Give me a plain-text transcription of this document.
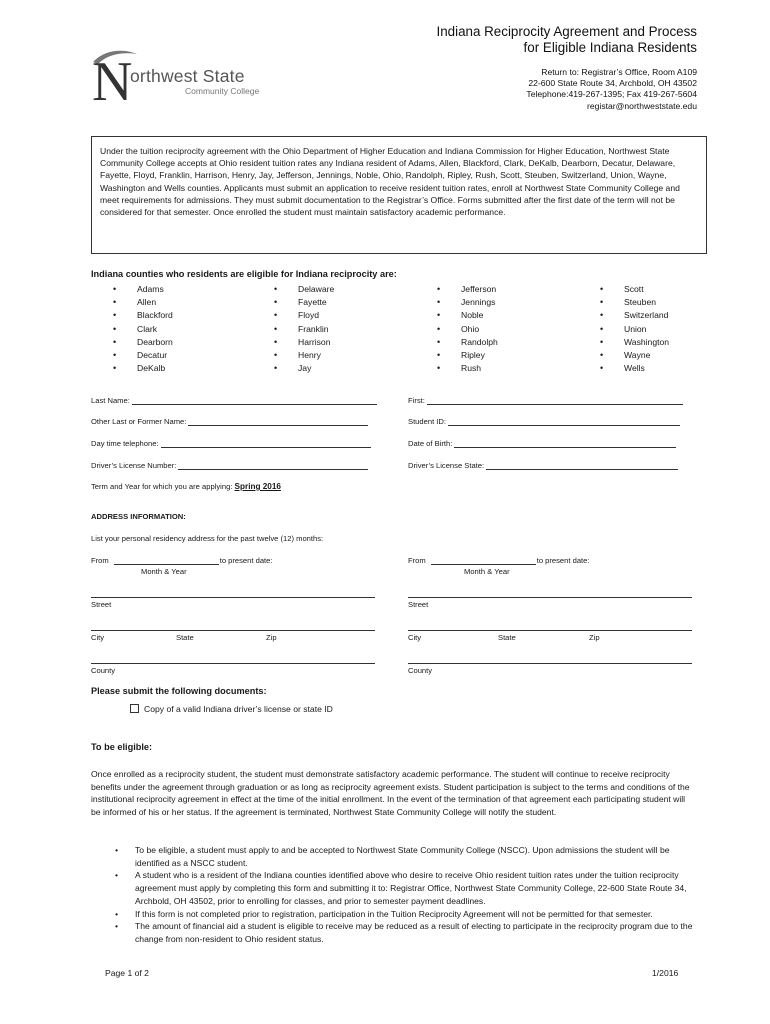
Indiana Reciprocity Agreement and Process
for Eligible Indiana Residents
Return to: Registrar’s Office, Room A109
22-600 State Route 34, Archbold, OH 43502
Telephone:419-267-1395; Fax 419-267-5604
registar@northweststate.edu
N
orthwest State
Community College
Under the tuition reciprocity agreement with the Ohio Department of Higher Education and Indiana Commission for Higher Education, Northwest State Community College accepts at Ohio resident tuition rates any Indiana resident of Adams, Allen, Blackford, Clark, DeKalb, Dearborn, Decatur, Delaware, Fayette, Floyd, Franklin, Harrison, Henry, Jay, Jefferson, Jennings, Noble, Ohio, Randolph, Ripley, Rush, Scott, Steuben, Switzerland, Union, Wayne, Washington and Wells counties. Applicants must submit an application to receive resident tuition rates, enroll at Northwest State Community College and meet requirements for admissions. They must submit documentation to the Registrar’s Office. Forms submitted after the first date of the term will not be considered for that semester. Once enrolled the student must maintain satisfactory academic performance.
Indiana counties who residents are eligible for Indiana reciprocity are:
• Adams
• Allen
• Blackford
• Clark
• Dearborn
• Decatur
• DeKalb
• Delaware
• Fayette
• Floyd
• Franklin
• Harrison
• Henry
• Jay
• Jefferson
• Jennings
• Noble
• Ohio
• Randolph
• Ripley
• Rush
• Scott
• Steuben
• Switzerland
• Union
• Washington
• Wayne
• Wells
Last Name:	First:
Other Last or Former Name:	Student ID:
Day time telephone:	Date of Birth:
Driver’s License Number:	Driver’s License State:
Term and Year for which you are applying: Spring 2016
ADDRESS INFORMATION:
List your personal residency address for the past twelve (12) months:
From	to present date:
Month & Year
Street
City	State	Zip
County
From	to present date:
Month & Year
Street
City	State	Zip
County
Please submit the following documents:
Copy of a valid Indiana driver’s license or state ID
To be eligible:
Once enrolled as a reciprocity student, the student must demonstrate satisfactory academic performance. The student will continue to receive reciprocity benefits under the agreement through graduation or as long as reciprocity agreement exists. Student participation is subject to the terms and conditions of the institutional reciprocity agreement in effect at the time of the initial enrollment. In the event of the termination of that agreement each participating student will be informed of his or her status. If the agreement is terminated, Northwest State Community College will notify the student.
• To be eligible, a student must apply to and be accepted to Northwest State Community College (NSCC). Upon admissions the student will be identified as a NSCC student.
• A student who is a resident of the Indiana counties identified above who desire to receive Ohio resident tuition rates under the tuition reciprocity agreement must apply by completing this form and submitting it to: Registrar Office, Northwest State Community College, 22-600 State Route 34, Archbold, OH 43502, prior to enrolling for classes, and prior to semester payment deadlines.
• If this form is not completed prior to registration, participation in the Tuition Reciprocity Agreement will not be permitted for that semester.
• The amount of financial aid a student is eligible to receive may be reduced as a result of electing to participate in the reciprocity program due to the change from non-resident to Ohio resident status.
Page 1 of 2	1/2016
